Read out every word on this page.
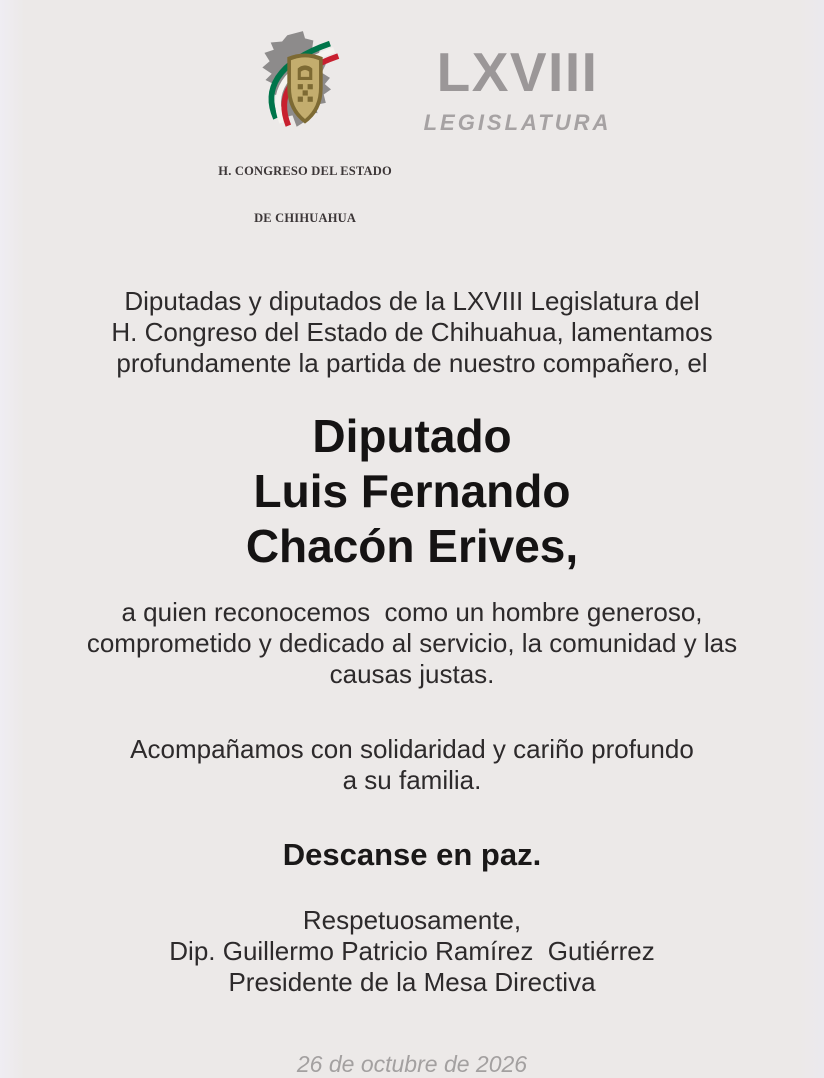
H. CONGRESO DEL ESTADO

DE CHIHUAHUA

LXVIII
LEGISLATURA
Diputadas y diputados de la LXVIII Legislatura del
H. Congreso del Estado de Chihuahua, lamentamos
profundamente la partida de nuestro compañero, el
Diputado
Luis Fernando
Chacón Erives,
a quien reconocemos  como un hombre generoso,
comprometido y dedicado al servicio, la comunidad y las
causas justas.
Acompañamos con solidaridad y cariño profundo
a su familia.
Descanse en paz.
Respetuosamente,
Dip. Guillermo Patricio Ramírez  Gutiérrez
Presidente de la Mesa Directiva
26 de octubre de 2026
